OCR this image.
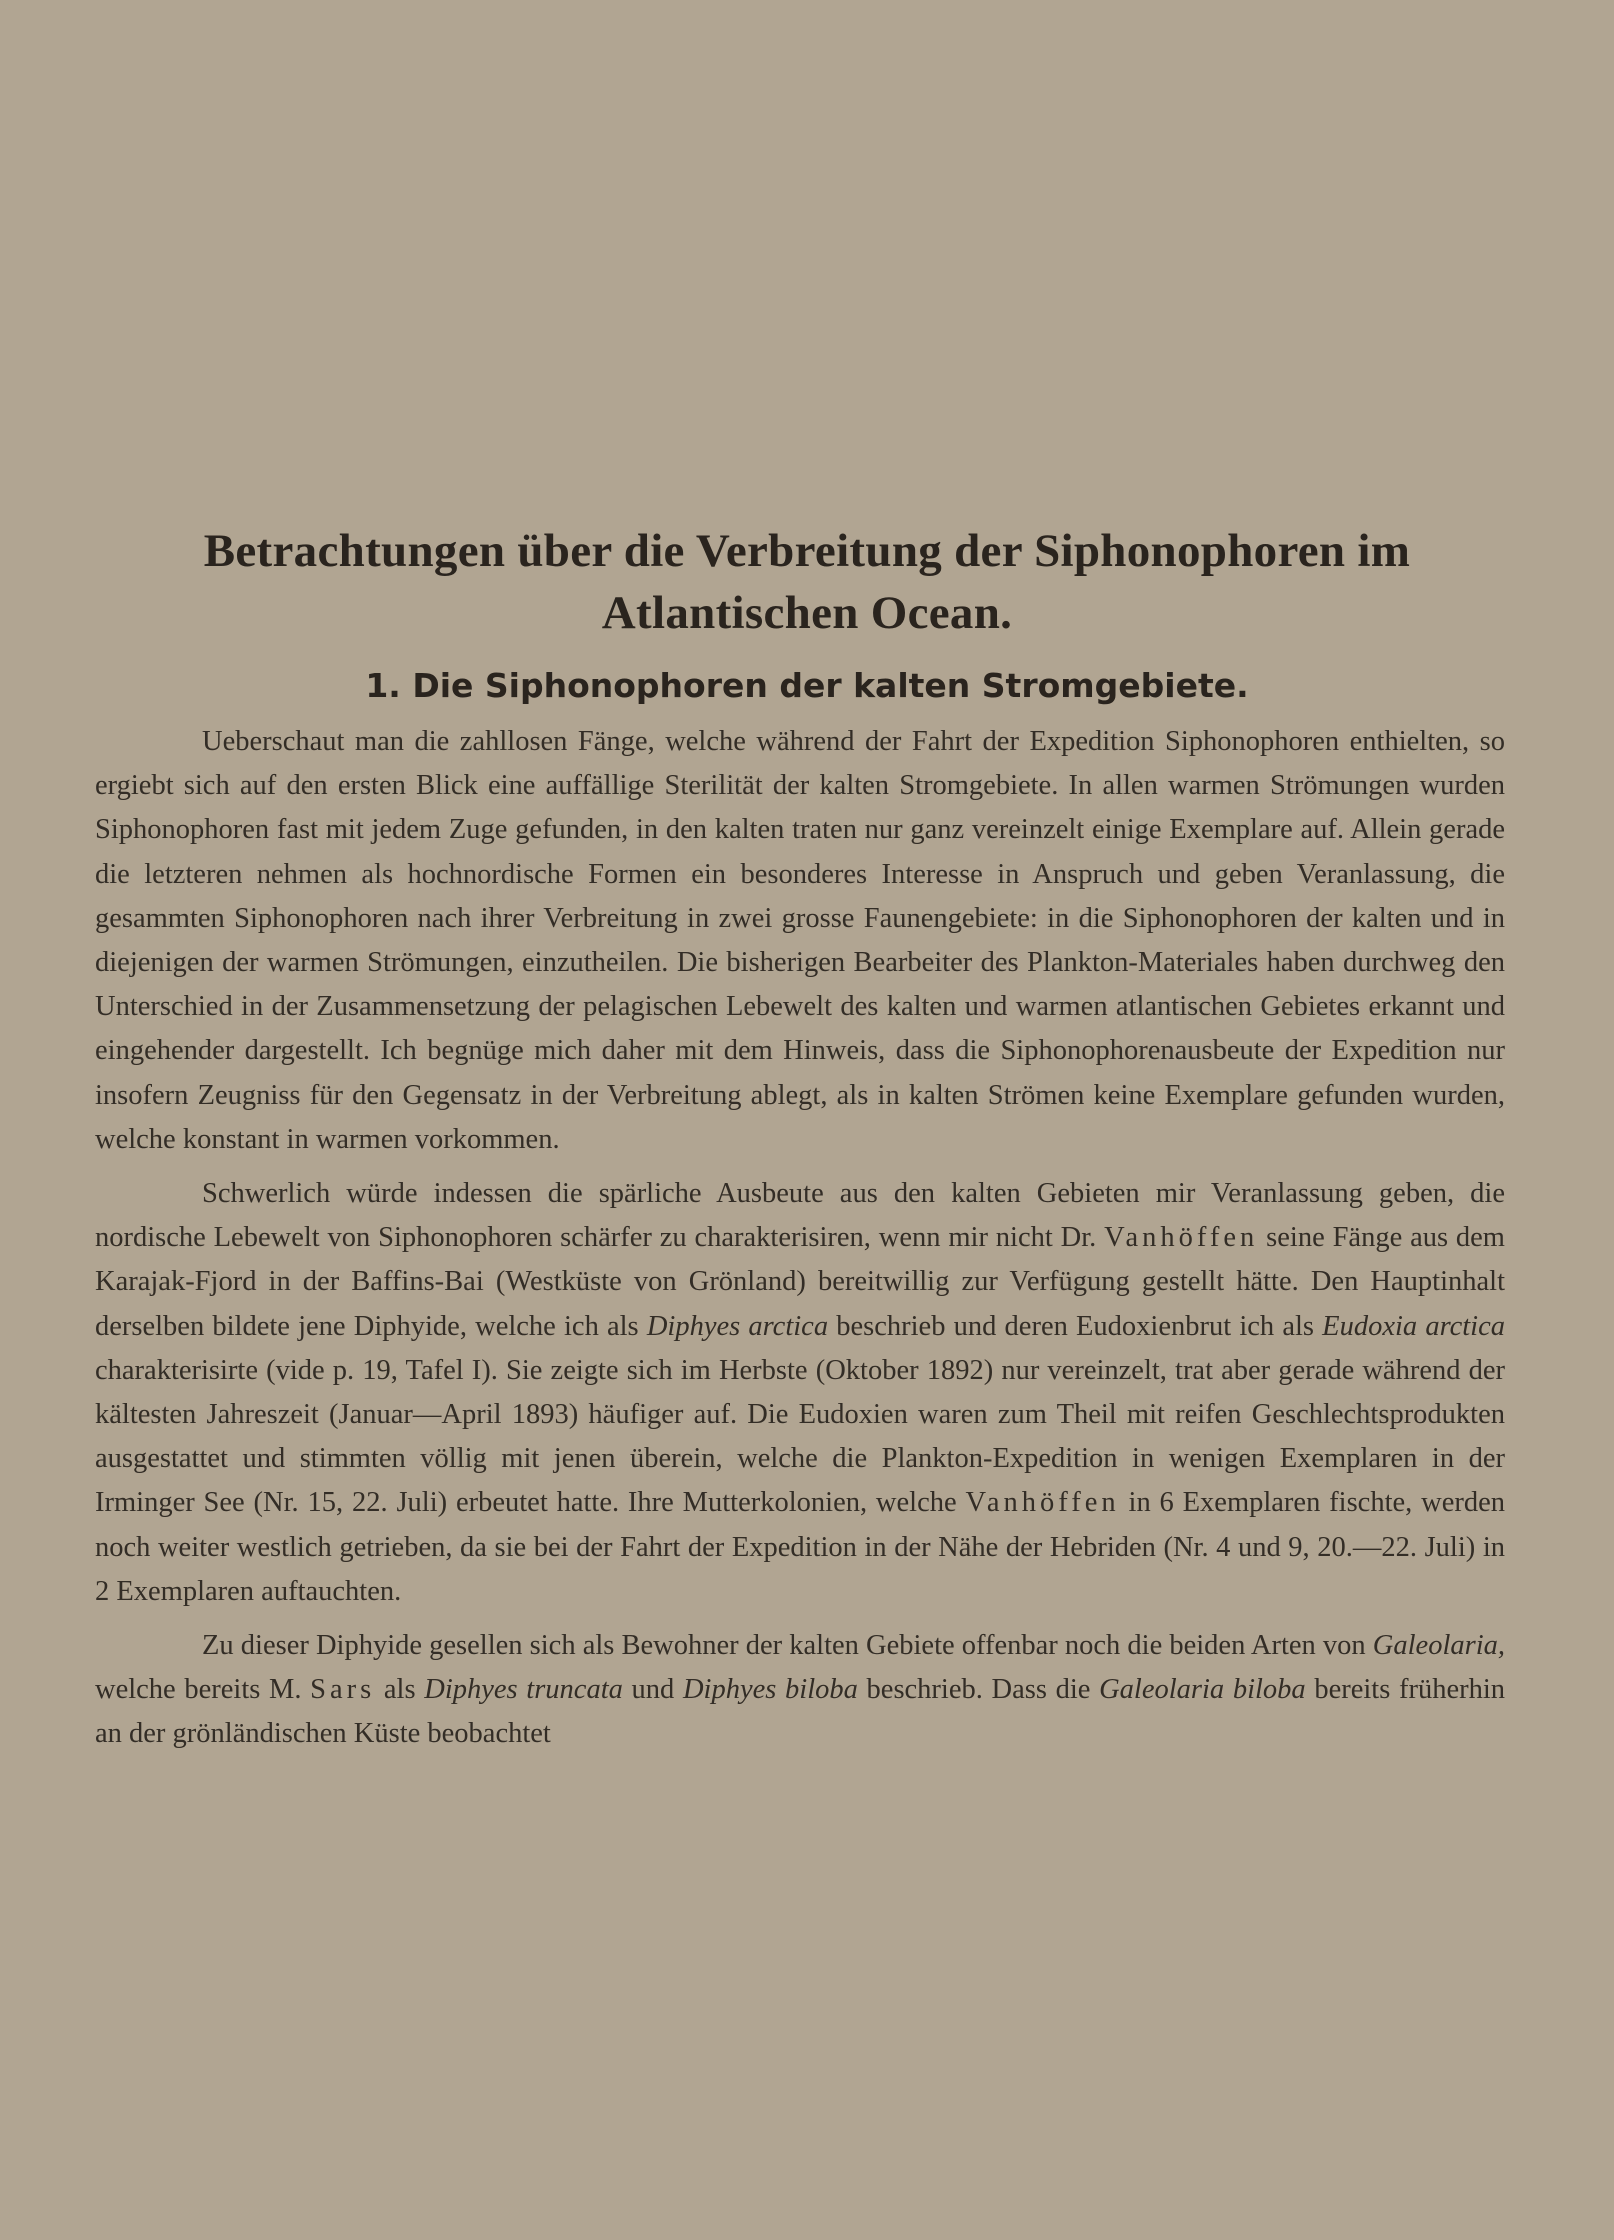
Betrachtungen über die Verbreitung der Siphonophoren im
Atlantischen Ocean.
1. Die Siphonophoren der kalten Stromgebiete.

Ueberschaut man die zahllosen Fänge, welche während der Fahrt der Expedition Siphonophoren enthielten, so ergiebt sich auf den ersten Blick eine auffällige Sterilität der kalten Stromgebiete. In allen warmen Strömungen wurden Siphonophoren fast mit jedem Zuge gefunden, in den kalten traten nur ganz vereinzelt einige Exemplare auf. Allein gerade die letzteren nehmen als hochnordische Formen ein besonderes Interesse in Anspruch und geben Veranlassung, die gesammten Siphonophoren nach ihrer Verbreitung in zwei grosse Faunengebiete: in die Siphonophoren der kalten und in diejenigen der warmen Strömungen, einzutheilen. Die bisherigen Bearbeiter des Plankton-Materiales haben durchweg den Unterschied in der Zusammensetzung der pelagischen Lebewelt des kalten und warmen atlantischen Gebietes erkannt und eingehender dargestellt. Ich begnüge mich daher mit dem Hinweis, dass die Siphonophorenausbeute der Expedition nur insofern Zeugniss für den Gegensatz in der Verbreitung ablegt, als in kalten Strömen keine Exemplare gefunden wurden, welche konstant in warmen vorkommen.

Schwerlich würde indessen die spärliche Ausbeute aus den kalten Gebieten mir Veranlassung geben, die nordische Lebewelt von Siphonophoren schärfer zu charakterisiren, wenn mir nicht Dr. Vanhöffen seine Fänge aus dem Karajak-Fjord in der Baffins-Bai (Westküste von Grönland) bereitwillig zur Verfügung gestellt hätte. Den Hauptinhalt derselben bildete jene Diphyide, welche ich als Diphyes arctica beschrieb und deren Eudoxienbrut ich als Eudoxia arctica charakterisirte (vide p. 19, Tafel I). Sie zeigte sich im Herbste (Oktober 1892) nur vereinzelt, trat aber gerade während der kältesten Jahreszeit (Januar—April 1893) häufiger auf. Die Eudoxien waren zum Theil mit reifen Geschlechtsprodukten ausgestattet und stimmten völlig mit jenen überein, welche die Plankton-Expedition in wenigen Exemplaren in der Irminger See (Nr. 15, 22. Juli) erbeutet hatte. Ihre Mutterkolonien, welche Vanhöffen in 6 Exemplaren fischte, werden noch weiter westlich getrieben, da sie bei der Fahrt der Expedition in der Nähe der Hebriden (Nr. 4 und 9, 20.—22. Juli) in 2 Exemplaren auftauchten.

Zu dieser Diphyide gesellen sich als Bewohner der kalten Gebiete offenbar noch die beiden Arten von Galeolaria, welche bereits M. Sars als Diphyes truncata und Diphyes biloba beschrieb. Dass die Galeolaria biloba bereits früherhin an der grönländischen Küste beobachtet
